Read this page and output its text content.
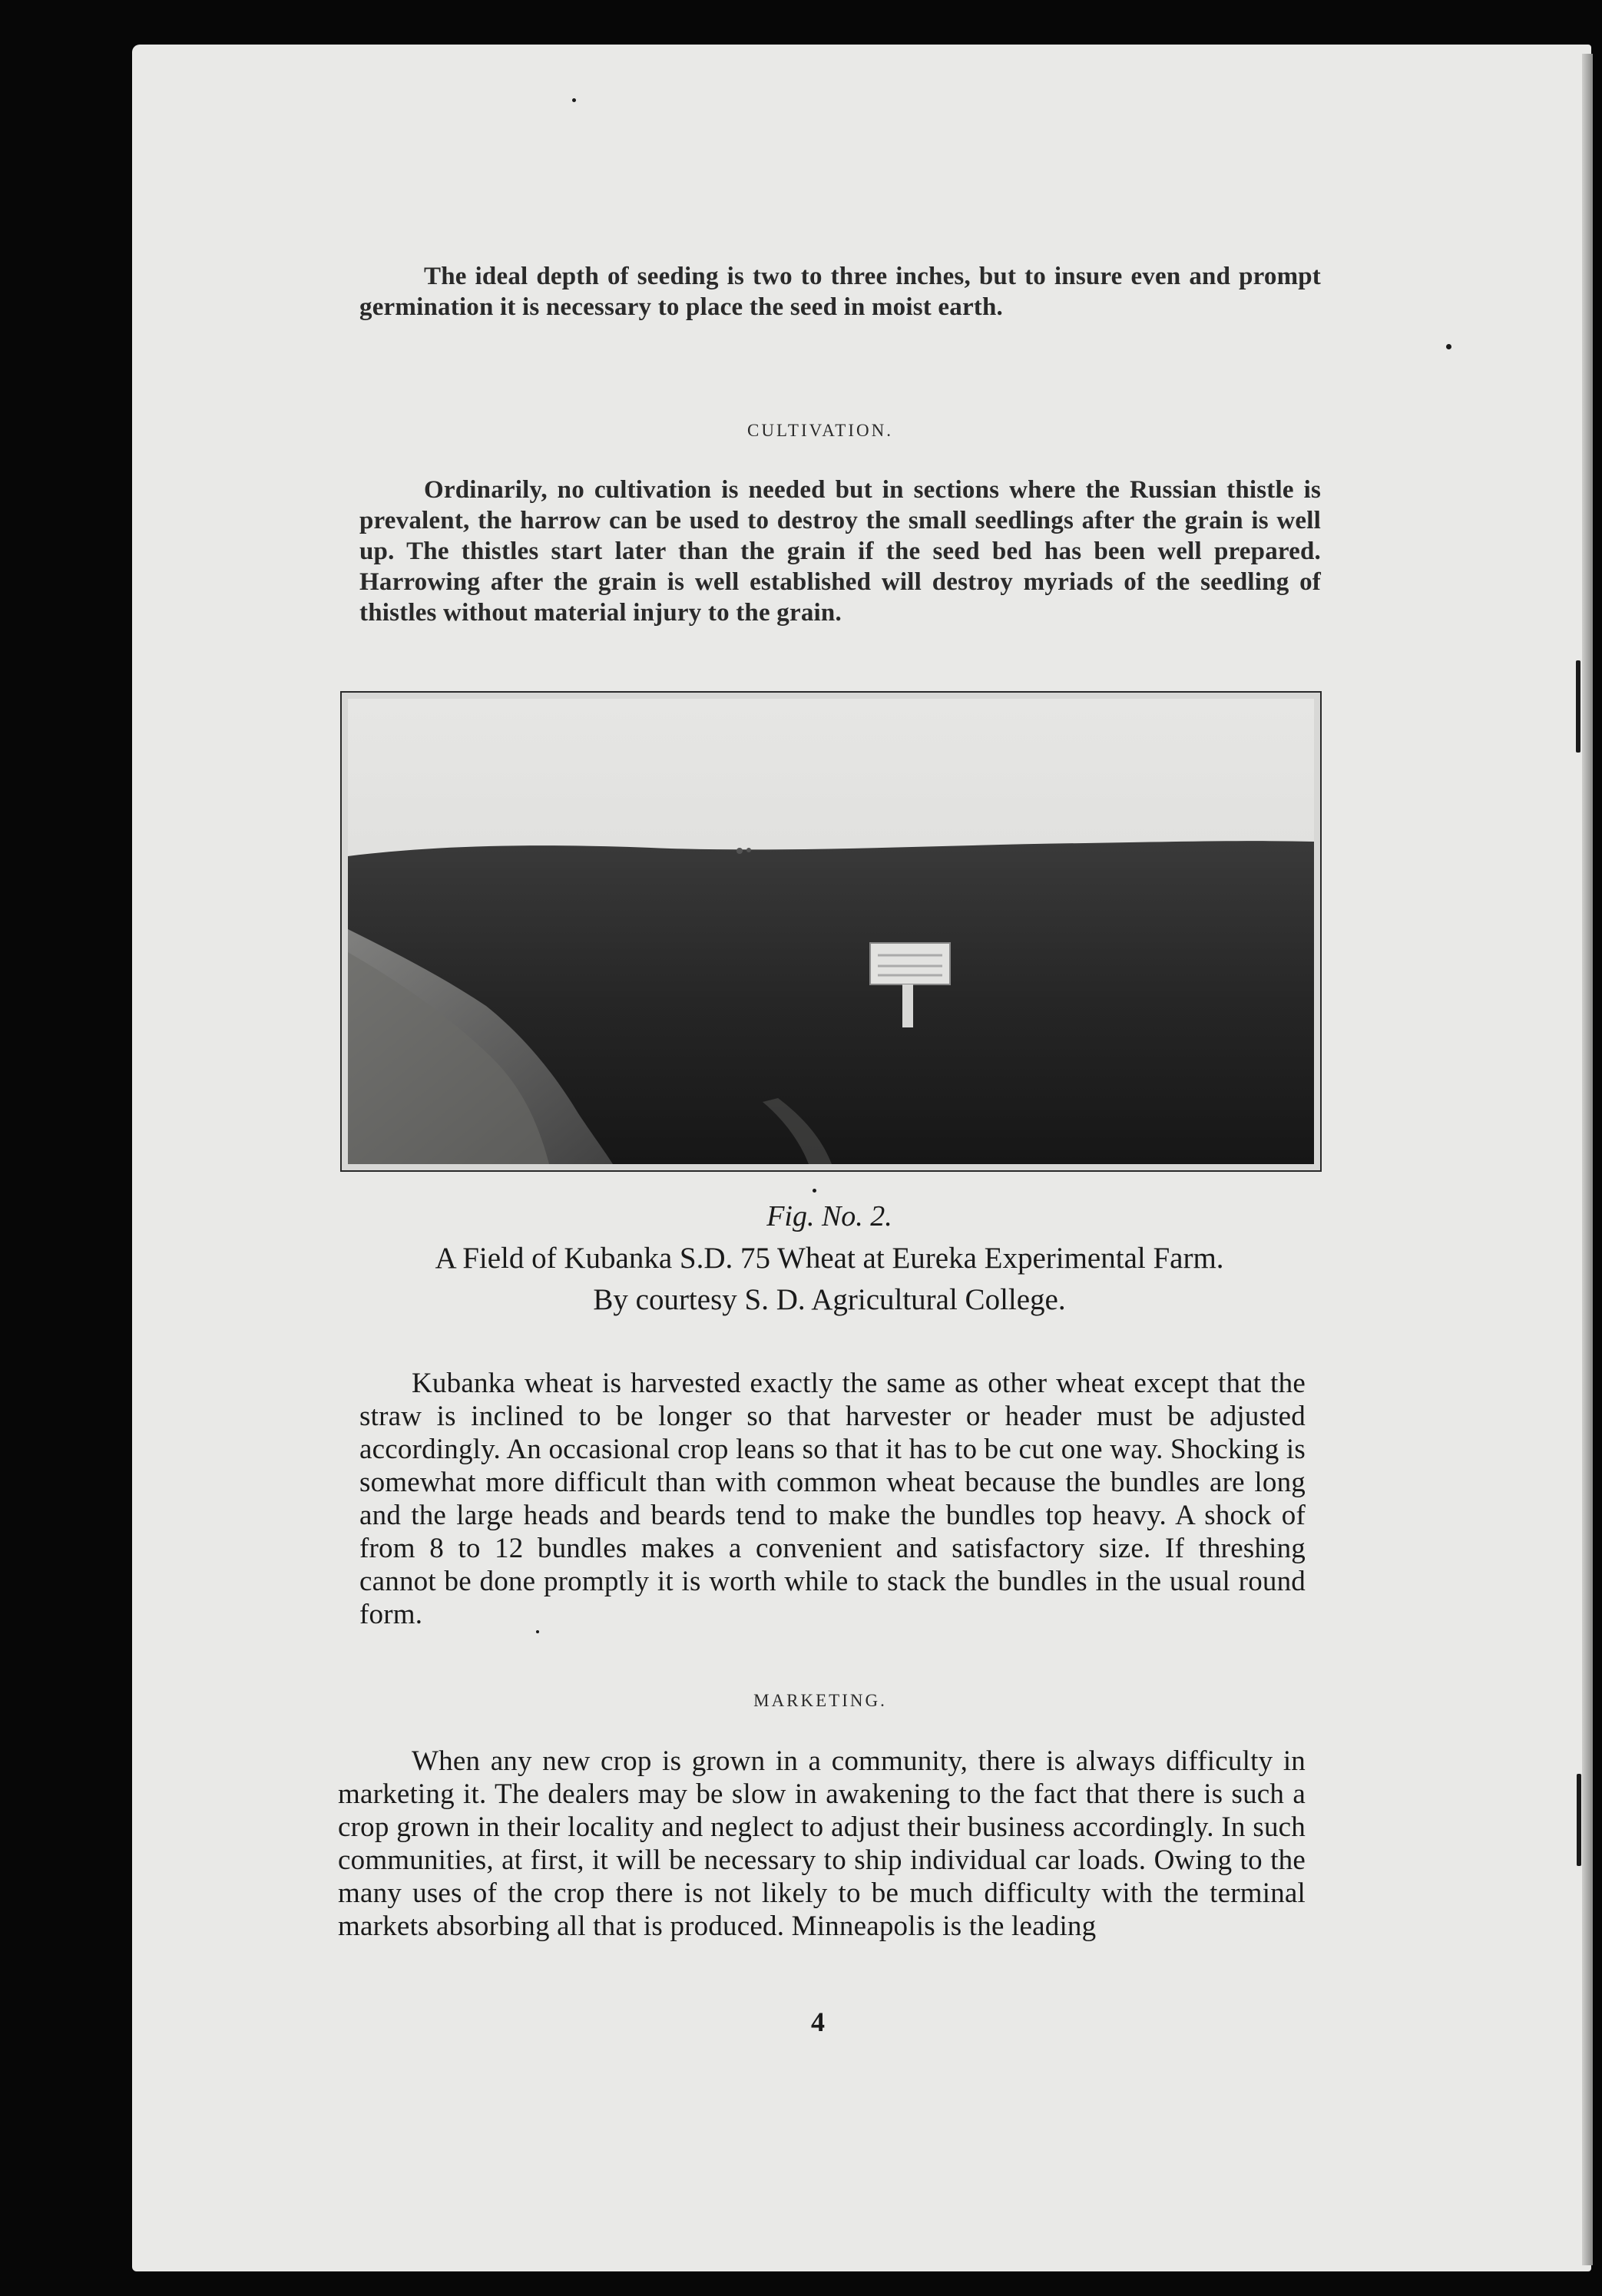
The ideal depth of seeding is two to three inches, but to insure even and prompt germination it is necessary to place the seed in moist earth.

CULTIVATION.

Ordinarily, no cultivation is needed but in sections where the Russian thistle is prevalent, the harrow can be used to destroy the small seedlings after the grain is well up. The thistles start later than the grain if the seed bed has been well prepared. Harrowing after the grain is well established will destroy myriads of the seedling of thistles without material injury to the grain.

Fig. No. 2.
A Field of Kubanka S.D. 75 Wheat at Eureka Experimental Farm.
By courtesy S. D. Agricultural College.

Kubanka wheat is harvested exactly the same as other wheat except that the straw is inclined to be longer so that harvester or header must be adjusted accordingly. An occasional crop leans so that it has to be cut one way. Shocking is somewhat more difficult than with common wheat because the bundles are long and the large heads and beards tend to make the bundles top heavy. A shock of from 8 to 12 bundles makes a convenient and satisfactory size. If threshing cannot be done promptly it is worth while to stack the bundles in the usual round form.

MARKETING.

When any new crop is grown in a community, there is always difficulty in marketing it. The dealers may be slow in awakening to the fact that there is such a crop grown in their locality and neglect to adjust their business accordingly. In such communities, at first, it will be necessary to ship individual car loads. Owing to the many uses of the crop there is not likely to be much difficulty with the terminal markets absorbing all that is produced. Minneapolis is the leading

4
